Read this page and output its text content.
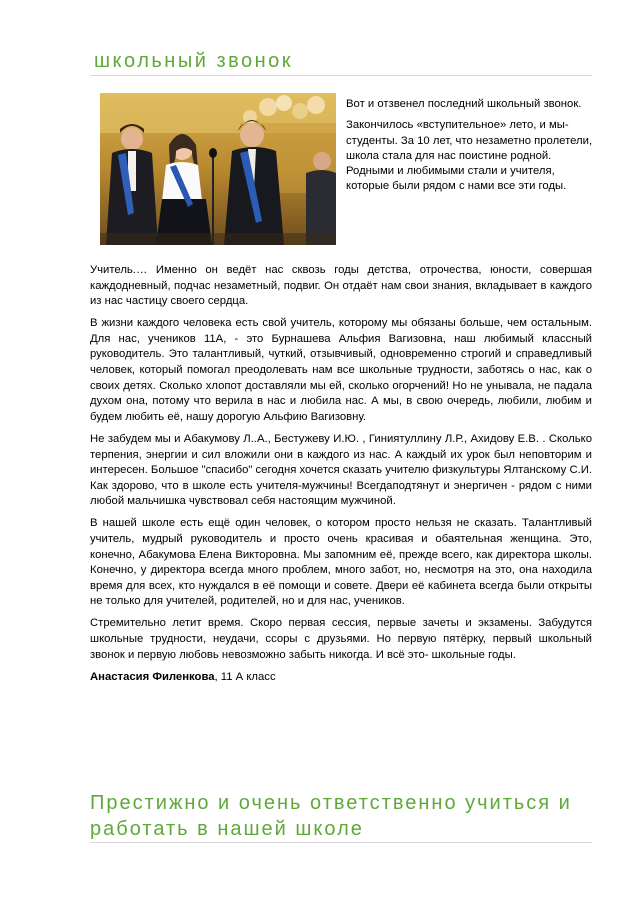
школьный звонок

Вот и отзвенел последний школьный звонок.

Закончилось «вступительное» лето, и мы-студенты. За 10 лет, что незаметно пролетели, школа стала для нас поистине родной. Родными и любимыми стали и учителя, которые были рядом с нами все эти годы.

Учитель.… Именно он ведёт нас сквозь годы детства, отрочества, юности, совершая каждодневный, подчас незаметный, подвиг. Он отдаёт нам свои знания, вкладывает в каждого из нас частицу своего сердца.

В жизни каждого человека есть свой учитель, которому мы обязаны больше, чем остальным. Для нас, учеников 11А, - это Бурнашева Альфия Вагизовна, наш любимый классный руководитель. Это талантливый, чуткий, отзывчивый, одновременно строгий и справедливый человек, который помогал преодолевать нам все школьные трудности, заботясь о нас, как о своих детях. Сколько хлопот доставляли мы ей, сколько огорчений! Но не унывала, не падала духом она, потому что верила в нас и любила нас. А мы, в свою очередь, любили, любим и будем любить её, нашу дорогую Альфию Вагизовну.

Не забудем мы и Абакумову Л..А., Бестужеву И.Ю. , Гиниятуллину Л.Р., Ахидову Е.В. . Сколько терпения, энергии и сил вложили они в каждого из нас. А каждый их урок был неповторим и интересен. Большое "спасибо" сегодня хочется сказать учителю физкультуры Ялтанскому С.И. Как здорово, что в школе есть учителя-мужчины! Всегдаподтянут и энергичен - рядом с ними любой мальчишка чувствовал себя настоящим мужчиной.

В нашей школе есть ещё один человек, о котором просто нельзя не сказать. Талантливый учитель, мудрый руководитель и просто очень красивая и обаятельная женщина. Это, конечно, Абакумова Елена Викторовна. Мы запомним её, прежде всего, как директора школы. Конечно, у директора всегда много проблем, много забот, но, несмотря на это, она находила время для всех, кто нуждался в её помощи и совете. Двери её кабинета всегда были открыты не только для учителей, родителей, но и для нас, учеников.

Стремительно летит время. Скоро первая сессия, первые зачеты и экзамены. Забудутся школьные трудности, неудачи, ссоры с друзьями. Но первую пятёрку, первый школьный звонок и первую любовь невозможно забыть никогда. И всё это- школьные годы.

Анастасия Филенкова, 11 А класс

Престижно и очень ответственно учиться и работать в нашей школе
